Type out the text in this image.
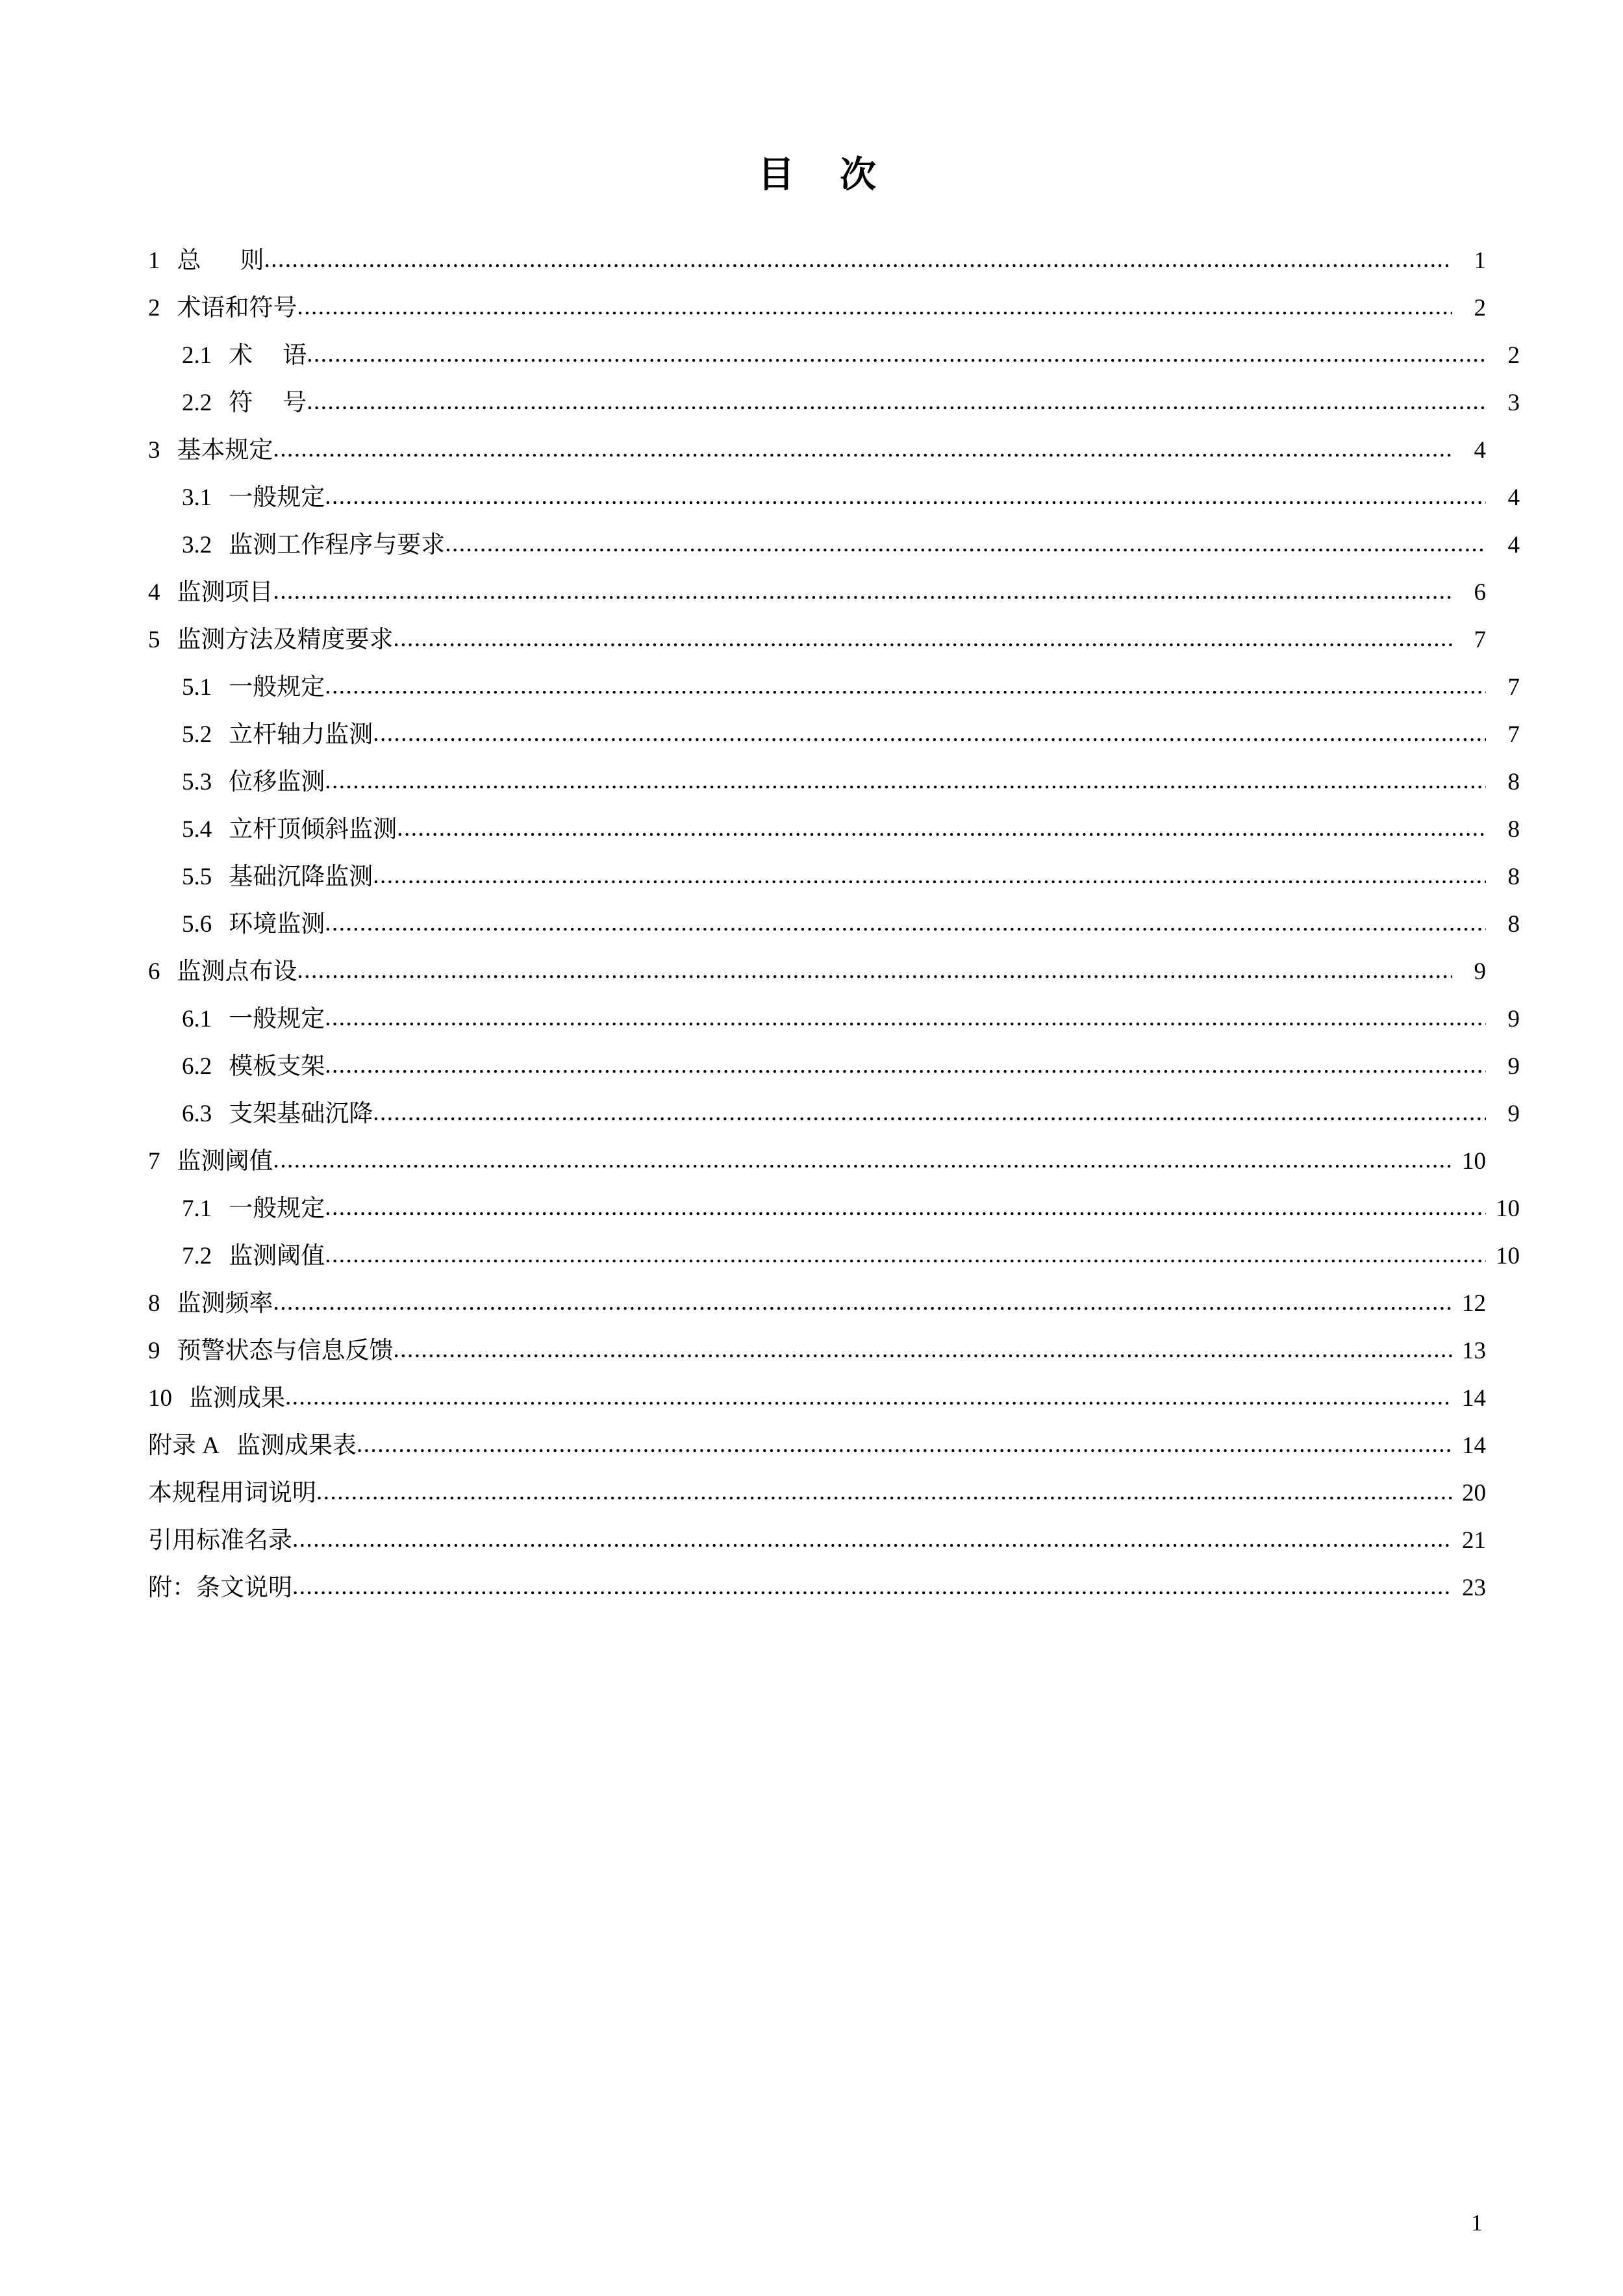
目 次
1 总 则 .....	1
2 术语和符号 .....	2
2.1 术 语 .....	2
2.2 符 号 .....	3
3 基本规定 .....	4
3.1 一般规定 .....	4
3.2 监测工作程序与要求 .....	4
4 监测项目 .....	6
5 监测方法及精度要求 .....	7
5.1 一般规定 .....	7
5.2 立杆轴力监测 .....	7
5.3 位移监测 .....	8
5.4 立杆顶倾斜监测 .....	8
5.5 基础沉降监测 .....	8
5.6 环境监测 .....	8
6 监测点布设 .....	9
6.1 一般规定 .....	9
6.2 模板支架 .....	9
6.3 支架基础沉降 .....	9
7 监测阈值 .....	10
7.1 一般规定 .....	10
7.2 监测阈值 .....	10
8 监测频率 .....	12
9 预警状态与信息反馈 .....	13
10 监测成果 .....	14
附录 A 监测成果表 .....	14
本规程用词说明 .....	20
引用标准名录 .....	21
附：条文说明 .....	23
1
